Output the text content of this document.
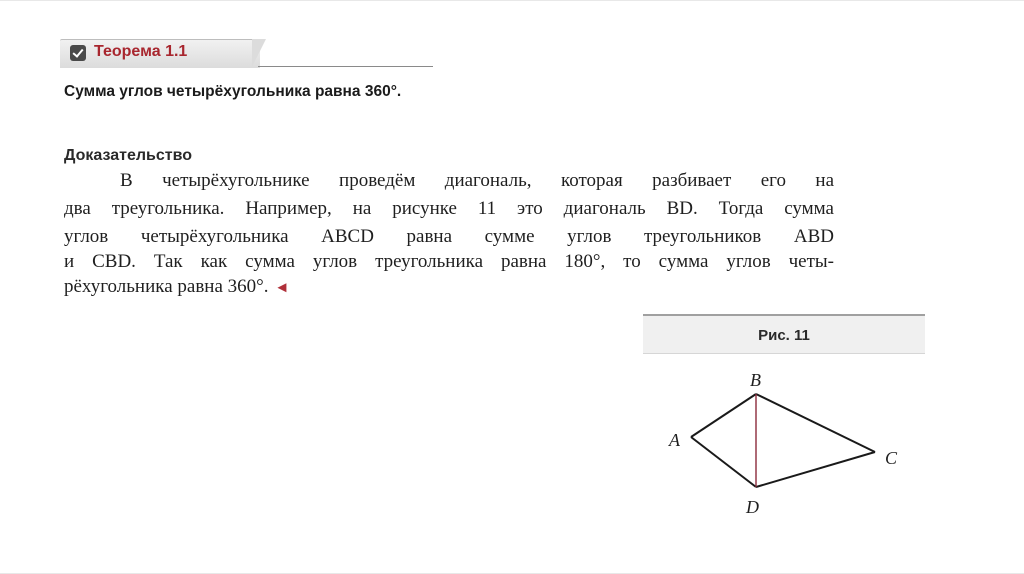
Теорема 1.1
Сумма углов четырёхугольника равна 360°.
Доказательство
В четырёхугольнике проведём диагональ, которая разбивает его на
два треугольника. Например, на рисунке 11 это диагональ BD. Тогда сумма
углов четырёхугольника ABCD равна сумме углов треугольников ABD
и CBD. Так как сумма углов треугольника равна 180°, то сумма углов четы-
рёхугольника равна 360°. ◄
Рис. 11
A
B
C
D
